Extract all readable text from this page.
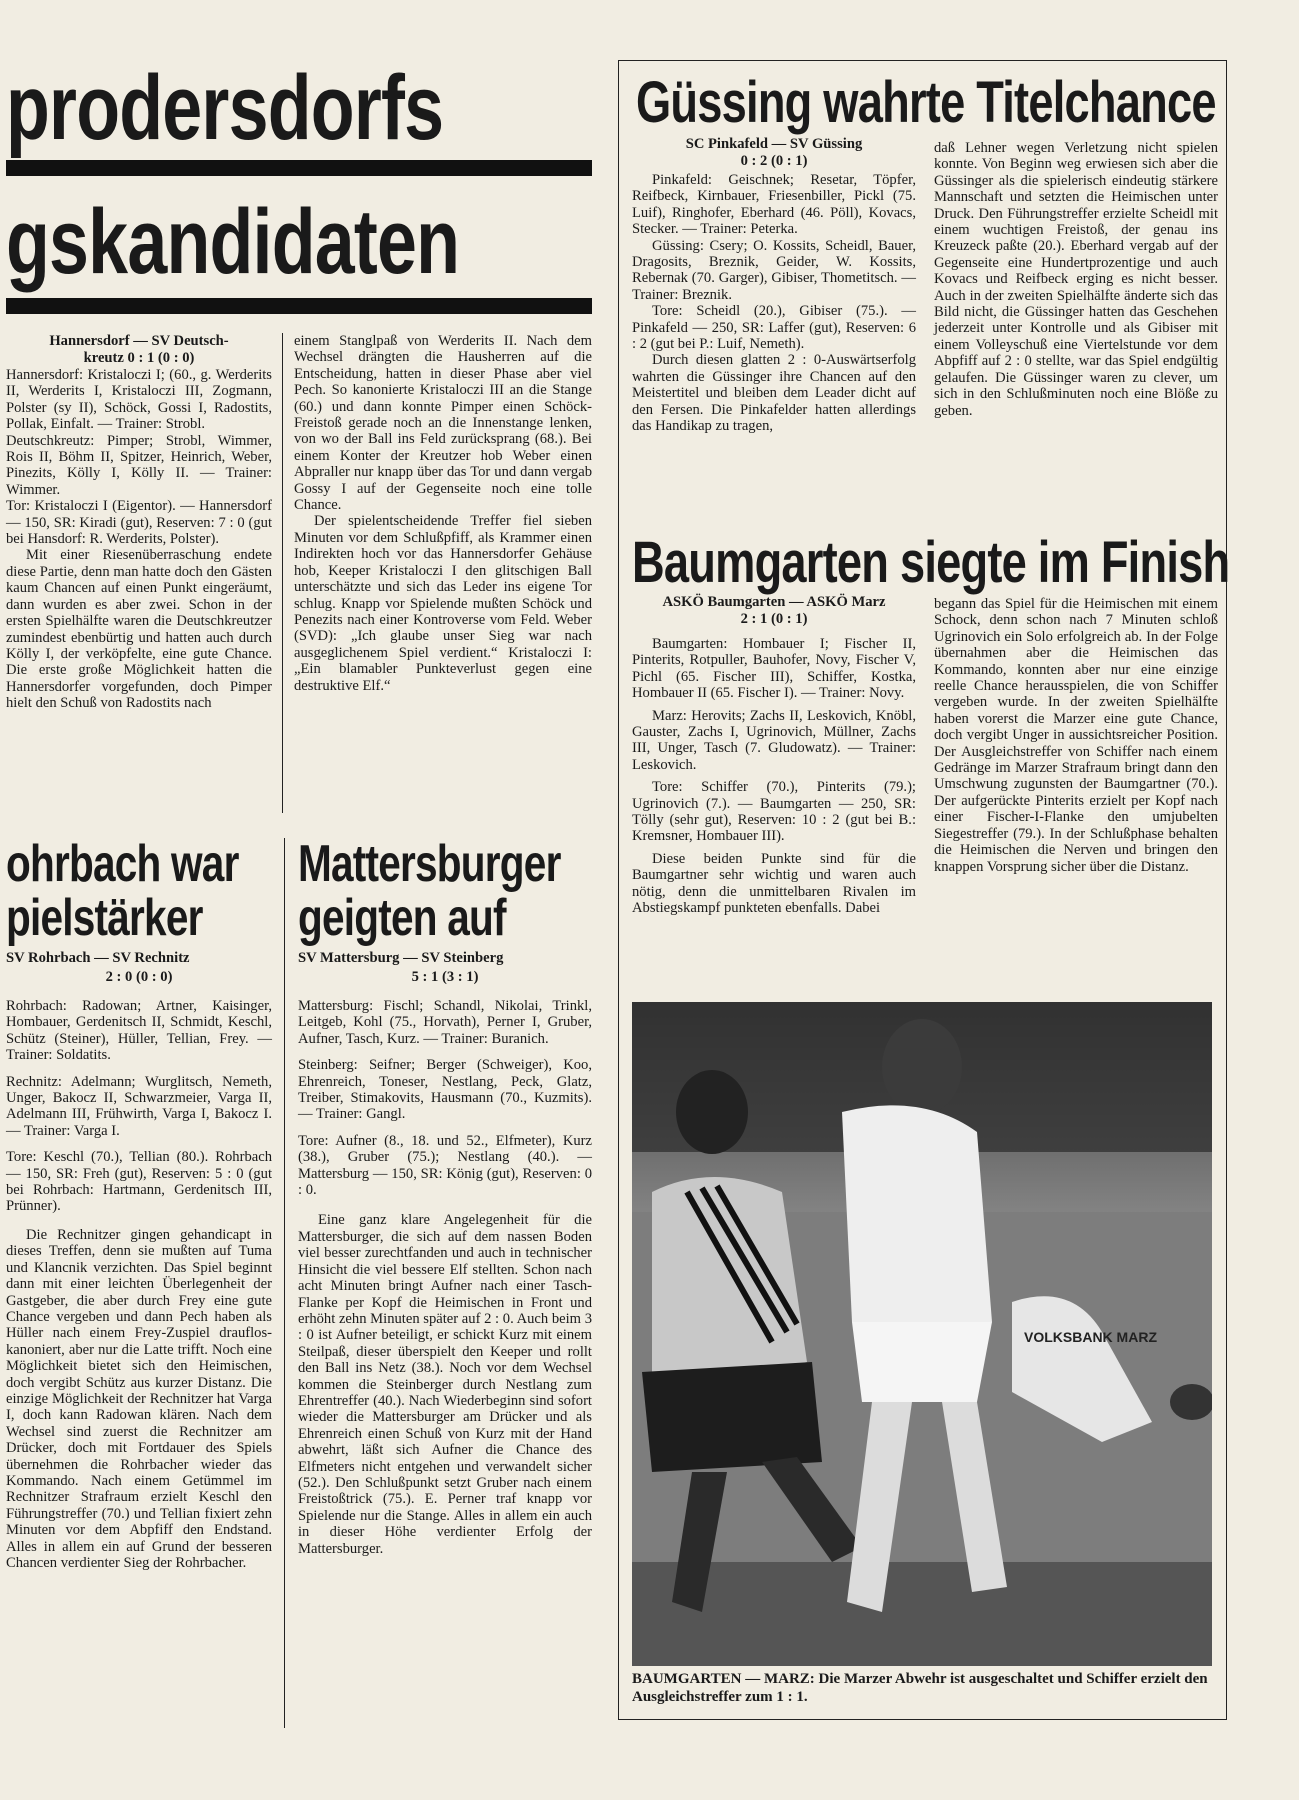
prodersdorfs
gskandidaten

Hannersdorf — SV Deutsch-

kreutz 0 : 1 (0 : 0)

Hannersdorf: Kristaloczi I; (60., g. Werderits II, Werderits I, Kristaloczi III, Zogmann, Polster (sy II), Schöck, Gossi I, Radostits, Pollak, Einfalt. — Trainer: Strobl.

Deutschkreutz: Pimper; Strobl, Wimmer, Rois II, Böhm II, Spitzer, Heinrich, Weber, Pinezits, Kölly I, Kölly II. — Trainer: Wimmer.

Tor: Kristaloczi I (Eigentor). — Hannersdorf — 150, SR: Kiradi (gut), Reserven: 7 : 0 (gut bei Hansdorf: R. Werderits, Polster).

Mit einer Riesenüberraschung endete diese Partie, denn man hatte doch den Gästen kaum Chancen auf einen Punkt eingeräumt, dann wurden es aber zwei. Schon in der ersten Spielhälfte waren die Deutschkreutzer zumindest ebenbürtig und hatten auch durch Kölly I, der verköpfelte, eine gute Chance. Die erste große Möglichkeit hatten die Hannersdorfer vorgefunden, doch Pimper hielt den Schuß von Radostits nach

einem Stanglpaß von Werderits II. Nach dem Wechsel drängten die Hausherren auf die Entscheidung, hatten in dieser Phase aber viel Pech. So kanonierte Kristaloczi III an die Stange (60.) und dann konnte Pimper einen Schöck-Freistoß gerade noch an die Innenstange lenken, von wo der Ball ins Feld zurücksprang (68.). Bei einem Konter der Kreutzer hob Weber einen Abpraller nur knapp über das Tor und dann vergab Gossy I auf der Gegenseite noch eine tolle Chance.

Der spielentscheidende Treffer fiel sieben Minuten vor dem Schlußpfiff, als Krammer einen Indirekten hoch vor das Hannersdorfer Gehäuse hob, Keeper Kristaloczi I den glitschigen Ball unterschätzte und sich das Leder ins eigene Tor schlug. Knapp vor Spielende mußten Schöck und Penezits nach einer Kontroverse vom Feld. Weber (SVD): „Ich glaube unser Sieg war nach ausgeglichenem Spiel verdient.“ Kristaloczi I: „Ein blamabler Punkteverlust gegen eine destruktive Elf.“

ohrbach war
pielstärker

SV Rohrbach — SV Rechnitz

2 : 0 (0 : 0)

Rohrbach: Radowan; Artner, Kaisinger, Hombauer, Gerdenitsch II, Schmidt, Keschl, Schütz (Steiner), Hüller, Tellian, Frey. — Trainer: Soldatits.

Rechnitz: Adelmann; Wurglitsch, Nemeth, Unger, Bakocz II, Schwarzmeier, Varga II, Adelmann III, Frühwirth, Varga I, Bakocz I. — Trainer: Varga I.

Tore: Keschl (70.), Tellian (80.). Rohrbach — 150, SR: Freh (gut), Reserven: 5 : 0 (gut bei Rohrbach: Hartmann, Gerdenitsch III, Prünner).

Die Rechnitzer gingen gehandicapt in dieses Treffen, denn sie mußten auf Tuma und Klancnik verzichten. Das Spiel beginnt dann mit einer leichten Überlegenheit der Gastgeber, die aber durch Frey eine gute Chance vergeben und dann Pech haben als Hüller nach einem Frey-Zuspiel drauflos-kanoniert, aber nur die Latte trifft. Noch eine Möglichkeit bietet sich den Heimischen, doch vergibt Schütz aus kurzer Distanz. Die einzige Möglichkeit der Rechnitzer hat Varga I, doch kann Radowan klären. Nach dem Wechsel sind zuerst die Rechnitzer am Drücker, doch mit Fortdauer des Spiels übernehmen die Rohrbacher wieder das Kommando. Nach einem Getümmel im Rechnitzer Strafraum erzielt Keschl den Führungstreffer (70.) und Tellian fixiert zehn Minuten vor dem Abpfiff den Endstand. Alles in allem ein auf Grund der besseren Chancen verdienter Sieg der Rohrbacher.

Mattersburger
geigten auf

SV Mattersburg — SV Steinberg

5 : 1 (3 : 1)

Mattersburg: Fischl; Schandl, Nikolai, Trinkl, Leitgeb, Kohl (75., Horvath), Perner I, Gruber, Aufner, Tasch, Kurz. — Trainer: Buranich.

Steinberg: Seifner; Berger (Schweiger), Koo, Ehrenreich, Toneser, Nestlang, Peck, Glatz, Treiber, Stimakovits, Hausmann (70., Kuzmits). — Trainer: Gangl.

Tore: Aufner (8., 18. und 52., Elfmeter), Kurz (38.), Gruber (75.); Nestlang (40.). — Mattersburg — 150, SR: König (gut), Reserven: 0 : 0.

Eine ganz klare Angelegenheit für die Mattersburger, die sich auf dem nassen Boden viel besser zurechtfanden und auch in technischer Hinsicht die viel bessere Elf stellten. Schon nach acht Minuten bringt Aufner nach einer Tasch-Flanke per Kopf die Heimischen in Front und erhöht zehn Minuten später auf 2 : 0. Auch beim 3 : 0 ist Aufner beteiligt, er schickt Kurz mit einem Steilpaß, dieser überspielt den Keeper und rollt den Ball ins Netz (38.). Noch vor dem Wechsel kommen die Steinberger durch Nestlang zum Ehrentreffer (40.). Nach Wiederbeginn sind sofort wieder die Mattersburger am Drücker und als Ehrenreich einen Schuß von Kurz mit der Hand abwehrt, läßt sich Aufner die Chance des Elfmeters nicht entgehen und verwandelt sicher (52.). Den Schlußpunkt setzt Gruber nach einem Freistoßtrick (75.). E. Perner traf knapp vor Spielende nur die Stange. Alles in allem ein auch in dieser Höhe verdienter Erfolg der Mattersburger.

Güssing wahrte Titelchance

SC Pinkafeld — SV Güssing

0 : 2 (0 : 1)

Pinkafeld: Geischnek; Resetar, Töpfer, Reifbeck, Kirnbauer, Friesenbiller, Pickl (75. Luif), Ringhofer, Eberhard (46. Pöll), Kovacs, Stecker. — Trainer: Peterka.

Güssing: Csery; O. Kossits, Scheidl, Bauer, Dragosits, Breznik, Geider, W. Kossits, Rebernak (70. Garger), Gibiser, Thometitsch. — Trainer: Breznik.

Tore: Scheidl (20.), Gibiser (75.). — Pinkafeld — 250, SR: Laffer (gut), Reserven: 6 : 2 (gut bei P.: Luif, Nemeth).

Durch diesen glatten 2 : 0-Auswärtserfolg wahrten die Güssinger ihre Chancen auf den Meistertitel und bleiben dem Leader dicht auf den Fersen. Die Pinkafelder hatten allerdings das Handikap zu tragen,

daß Lehner wegen Verletzung nicht spielen konnte. Von Beginn weg erwiesen sich aber die Güssinger als die spielerisch eindeutig stärkere Mannschaft und setzten die Heimischen unter Druck. Den Führungstreffer erzielte Scheidl mit einem wuchtigen Freistoß, der genau ins Kreuzeck paßte (20.). Eberhard vergab auf der Gegenseite eine Hundertprozentige und auch Kovacs und Reifbeck erging es nicht besser. Auch in der zweiten Spielhälfte änderte sich das Bild nicht, die Güssinger hatten das Geschehen jederzeit unter Kontrolle und als Gibiser mit einem Volleyschuß eine Viertelstunde vor dem Abpfiff auf 2 : 0 stellte, war das Spiel endgültig gelaufen. Die Güssinger waren zu clever, um sich in den Schlußminuten noch eine Blöße zu geben.

Baumgarten siegte im Finish

ASKÖ Baumgarten — ASKÖ Marz

2 : 1 (0 : 1)

Baumgarten: Hombauer I; Fischer II, Pinterits, Rotpuller, Bauhofer, Novy, Fischer V, Pichl (65. Fischer III), Schiffer, Kostka, Hombauer II (65. Fischer I). — Trainer: Novy.

Marz: Herovits; Zachs II, Leskovich, Knöbl, Gauster, Zachs I, Ugrinovich, Müllner, Zachs III, Unger, Tasch (7. Gludowatz). — Trainer: Leskovich.

Tore: Schiffer (70.), Pinterits (79.); Ugrinovich (7.). — Baumgarten — 250, SR: Tölly (sehr gut), Reserven: 10 : 2 (gut bei B.: Kremsner, Hombauer III).

Diese beiden Punkte sind für die Baumgartner sehr wichtig und waren auch nötig, denn die unmittelbaren Rivalen im Abstiegskampf punkteten ebenfalls. Dabei

begann das Spiel für die Heimischen mit einem Schock, denn schon nach 7 Minuten schloß Ugrinovich ein Solo erfolgreich ab. In der Folge übernahmen aber die Heimischen das Kommando, konnten aber nur eine einzige reelle Chance herausspielen, die von Schiffer vergeben wurde. In der zweiten Spielhälfte haben vorerst die Marzer eine gute Chance, doch vergibt Unger in aussichtsreicher Position. Der Ausgleichstreffer von Schiffer nach einem Gedränge im Marzer Strafraum bringt dann den Umschwung zugunsten der Baumgartner (70.). Der aufgerückte Pinterits erzielt per Kopf nach einer Fischer-I-Flanke den umjubelten Siegestreffer (79.). In der Schlußphase behalten die Heimischen die Nerven und bringen den knappen Vorsprung sicher über die Distanz.

VOLKSBANK MARZ
BAUMGARTEN — MARZ: Die Marzer Abwehr ist ausgeschaltet und Schiffer erzielt den Ausgleichstreffer zum 1 : 1.
